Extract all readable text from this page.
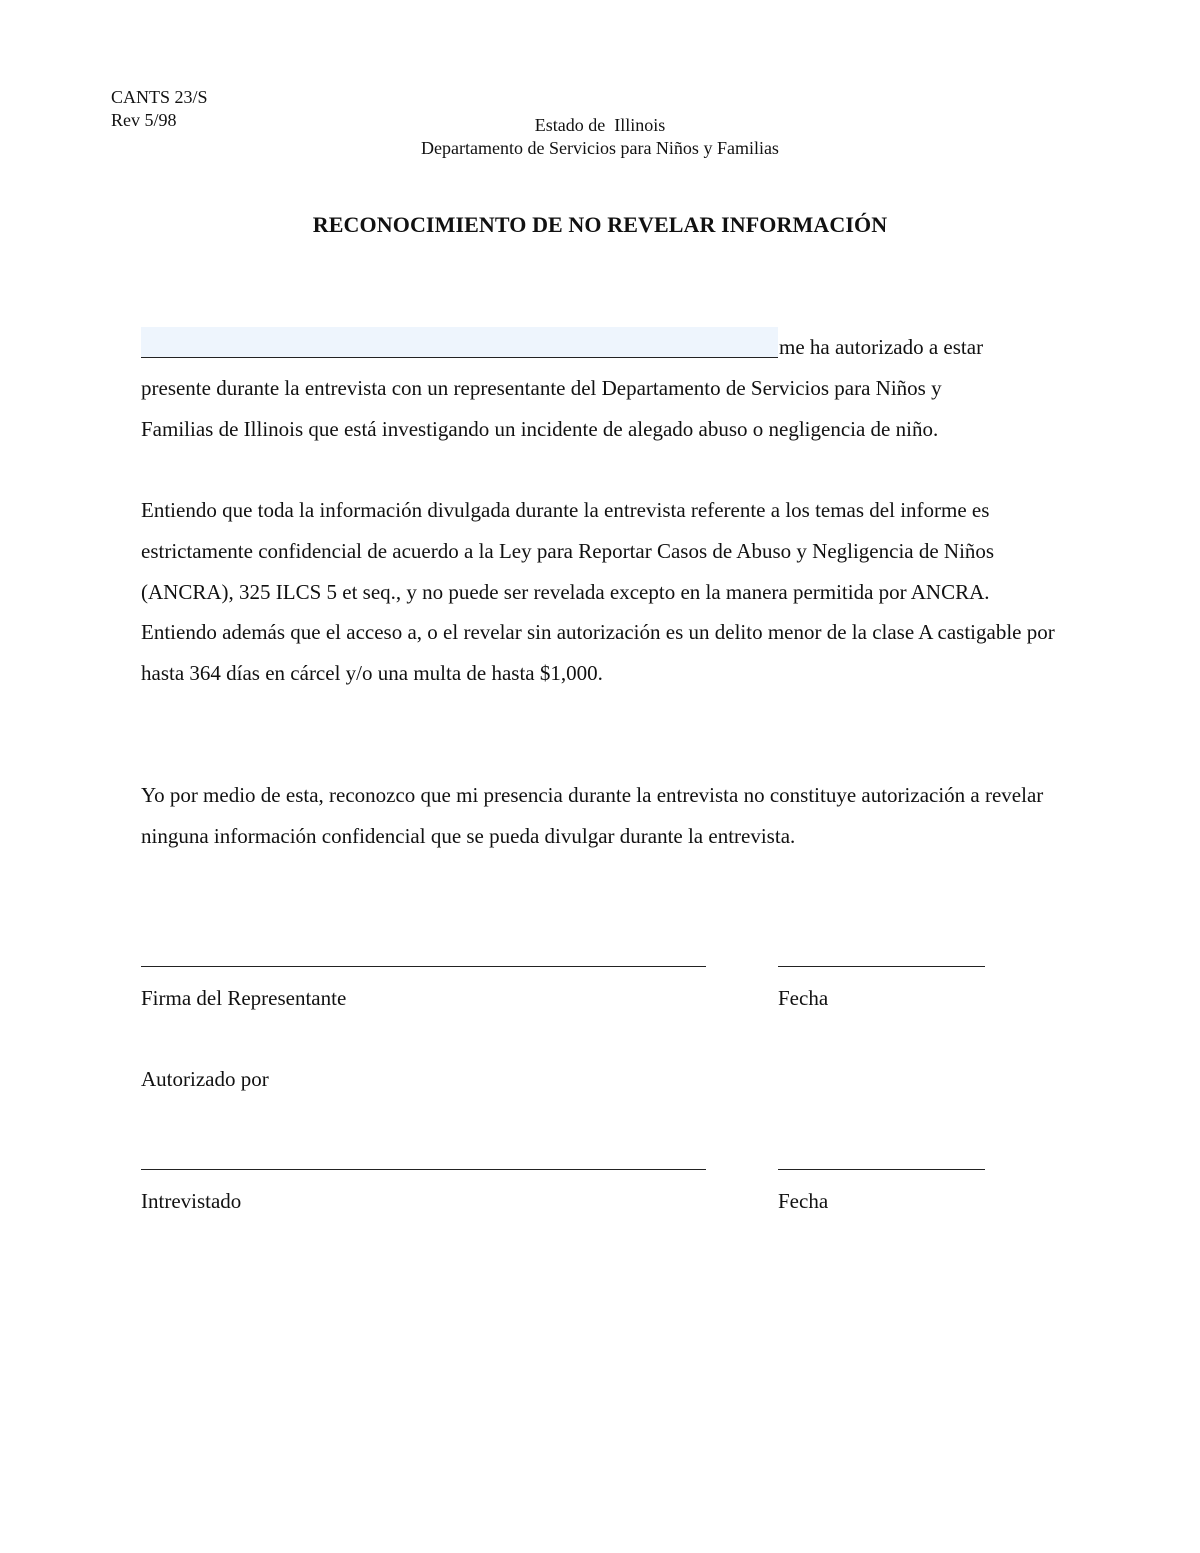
CANTS 23/S
Rev 5/98	Estado de  Illinois
Departamento de Servicios para Niños y Familias
RECONOCIMIENTO DE NO REVELAR INFORMACIÓN
me ha autorizado a estar

presente durante la entrevista con un representante del Departamento de Servicios para Niños y
Familias de Illinois que está investigando un incidente de alegado abuso o negligencia de niño.

Entiendo que toda la información divulgada durante la entrevista referente a los temas del informe es estrictamente confidencial de acuerdo a la Ley para Reportar Casos de Abuso y Negligencia de Niños (ANCRA), 325 ILCS 5 et seq., y no puede ser revelada excepto en la manera permitida por ANCRA.  Entiendo además que el acceso a, o el revelar sin autorización es un delito menor de la clase A castigable por hasta 364 días en cárcel y/o una multa de hasta $1,000.

Yo por medio de esta, reconozco que mi presencia durante la entrevista no constituye autorización a revelar ninguna información confidencial que se pueda divulgar durante la entrevista.

Firma del Representante	Fecha
Autorizado por
Intrevistado	Fecha
